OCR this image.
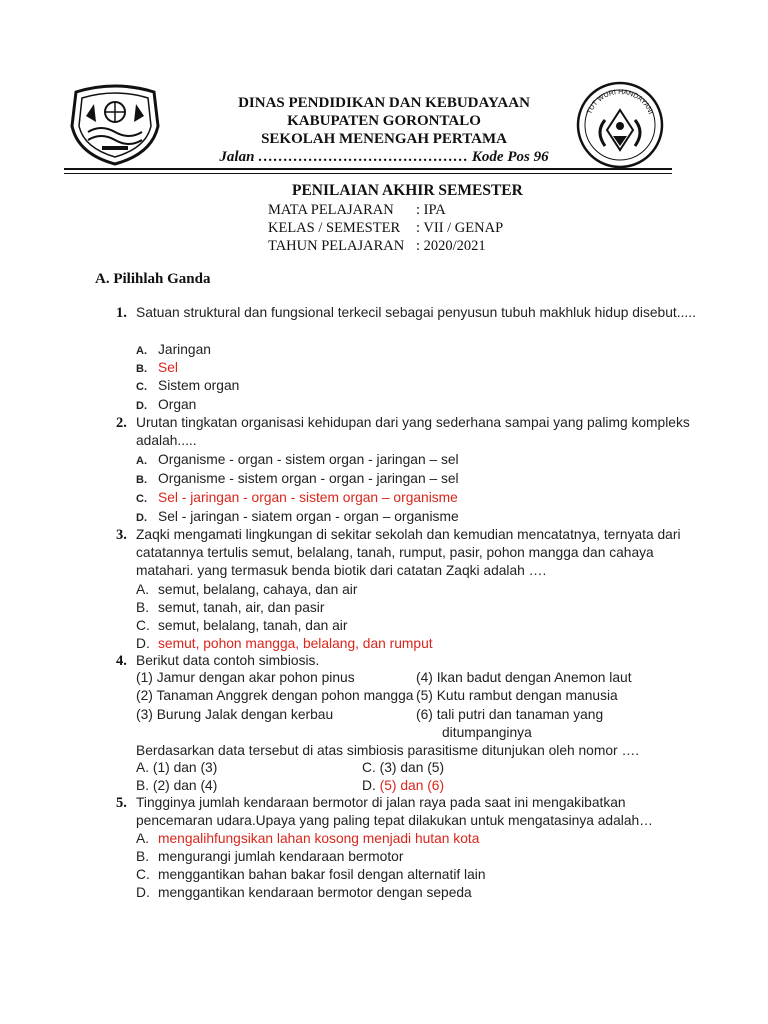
TUT WURI HANDAYANI
DINAS PENDIDIKAN DAN KEBUDAYAAN
KABUPATEN GORONTALO
SEKOLAH MENENGAH PERTAMA
Jalan …………………………………… Kode Pos 96
PENILAIAN AKHIR SEMESTER
MATA PELAJARAN	: IPA
KELAS / SEMESTER	: VII / GENAP
TAHUN PELAJARAN : 2020/2021
A. Pilihlah Ganda
1. Satuan struktural dan fungsional terkecil sebagai penyusun tubuh makhluk hidup disebut.....
A. Jaringan
B. Sel
C. Sistem organ
D. Organ
2. Urutan tingkatan organisasi kehidupan dari yang sederhana sampai yang palimg kompleks adalah.....
A. Organisme - organ - sistem organ - jaringan – sel
B. Organisme - sistem organ - organ - jaringan – sel
C. Sel - jaringan - organ - sistem organ – organisme
D. Sel - jaringan - siatem organ - organ – organisme
3. Zaqki mengamati lingkungan di sekitar sekolah dan kemudian mencatatnya, ternyata dari
catatannya tertulis semut, belalang, tanah, rumput, pasir, pohon mangga dan cahaya
matahari. yang termasuk benda biotik dari catatan Zaqki adalah ….
A. semut, belalang, cahaya, dan air
B. semut, tanah, air, dan pasir
C. semut, belalang, tanah, dan air
D. semut, pohon mangga, belalang, dan rumput
4. Berikut data contoh simbiosis.
(1) Jamur dengan akar pohon pinus
(2) Tanaman Anggrek dengan pohon mangga
(3) Burung Jalak dengan kerbau
(4) Ikan badut dengan Anemon laut
(5) Kutu rambut dengan manusia
(6) tali putri dan tanaman yang
ditumpanginya
Berdasarkan data tersebut di atas simbiosis parasitisme ditunjukan oleh nomor ….
A. (1) dan (3)
B. (2) dan (4)
C. (3) dan (5)
D. (5) dan (6)
5. Tingginya jumlah kendaraan bermotor di jalan raya pada saat ini mengakibatkan
pencemaran udara.Upaya yang paling tepat dilakukan untuk mengatasinya adalah…
A. mengalihfungsikan lahan kosong menjadi hutan kota
B. mengurangi jumlah kendaraan bermotor
C. menggantikan bahan bakar fosil dengan alternatif lain
D. menggantikan kendaraan bermotor dengan sepeda
